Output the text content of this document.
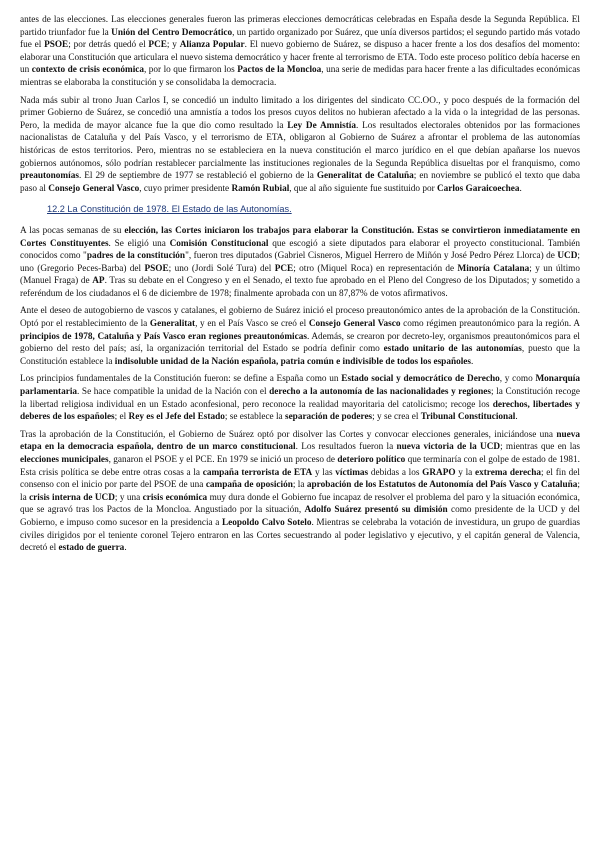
antes de las elecciones. Las elecciones generales fueron las primeras elecciones democráticas celebradas en España desde la Segunda República. El partido triunfador fue la Unión del Centro Democrático, un partido organizado por Suárez, que unía diversos partidos; el segundo partido más votado fue el PSOE; por detrás quedó el PCE; y Alianza Popular. El nuevo gobierno de Suárez, se dispuso a hacer frente a los dos desafíos del momento: elaborar una Constitución que articulara el nuevo sistema democrático y hacer frente al terrorismo de ETA. Todo este proceso político debía hacerse en un contexto de crisis económica, por lo que firmaron los Pactos de la Moncloa, una serie de medidas para hacer frente a las dificultades económicas mientras se elaboraba la constitución y se consolidaba la democracia.

Nada más subir al trono Juan Carlos I, se concedió un indulto limitado a los dirigentes del sindicato CC.OO., y poco después de la formación del primer Gobierno de Suárez, se concedió una amnistía a todos los presos cuyos delitos no hubieran afectado a la vida o la integridad de las personas. Pero, la medida de mayor alcance fue la que dio como resultado la Ley De Amnistía. Los resultados electorales obtenidos por las formaciones nacionalistas de Cataluña y del País Vasco, y el terrorismo de ETA, obligaron al Gobierno de Suárez a afrontar el problema de las autonomías históricas de estos territorios. Pero, mientras no se estableciera en la nueva constitución el marco jurídico en el que debían apañarse los nuevos gobiernos autónomos, sólo podrían restablecer parcialmente las instituciones regionales de la Segunda República disueltas por el franquismo, como preautonomías. El 29 de septiembre de 1977 se restableció el gobierno de la Generalitat de Cataluña; en noviembre se publicó el texto que daba paso al Consejo General Vasco, cuyo primer presidente Ramón Rubial, que al año siguiente fue sustituido por Carlos Garaicoechea.

12.2 La Constitución de 1978. El Estado de las Autonomías.

A las pocas semanas de su elección, las Cortes iniciaron los trabajos para elaborar la Constitución. Estas se convirtieron inmediatamente en Cortes Constituyentes. Se eligió una Comisión Constitucional que escogió a siete diputados para elaborar el proyecto constitucional. También conocidos como "padres de la constitución", fueron tres diputados (Gabriel Cisneros, Miguel Herrero de Miñón y José Pedro Pérez Llorca) de UCD; uno (Gregorio Peces-Barba) del PSOE; uno (Jordi Solé Tura) del PCE; otro (Miquel Roca) en representación de Minoría Catalana; y un último (Manuel Fraga) de AP. Tras su debate en el Congreso y en el Senado, el texto fue aprobado en el Pleno del Congreso de los Diputados; y sometido a referéndum de los ciudadanos el 6 de diciembre de 1978; finalmente aprobada con un 87,87% de votos afirmativos.

Ante el deseo de autogobierno de vascos y catalanes, el gobierno de Suárez inició el proceso preautonómico antes de la aprobación de la Constitución. Optó por el restablecimiento de la Generalitat, y en el País Vasco se creó el Consejo General Vasco como régimen preautonómico para la región. A principios de 1978, Cataluña y País Vasco eran regiones preautonómicas. Además, se crearon por decreto-ley, organismos preautonómicos para el gobierno del resto del país; así, la organización territorial del Estado se podría definir como estado unitario de las autonomías, puesto que la Constitución establece la indisoluble unidad de la Nación española, patria común e indivisible de todos los españoles.

Los principios fundamentales de la Constitución fueron: se define a España como un Estado social y democrático de Derecho, y como Monarquía parlamentaria. Se hace compatible la unidad de la Nación con el derecho a la autonomía de las nacionalidades y regiones; la Constitución recoge la libertad religiosa individual en un Estado aconfesional, pero reconoce la realidad mayoritaria del catolicismo; recoge los derechos, libertades y deberes de los españoles; el Rey es el Jefe del Estado; se establece la separación de poderes; y se crea el Tribunal Constitucional.

Tras la aprobación de la Constitución, el Gobierno de Suárez optó por disolver las Cortes y convocar elecciones generales, iniciándose una nueva etapa en la democracia española, dentro de un marco constitucional. Los resultados fueron la nueva victoria de la UCD; mientras que en las elecciones municipales, ganaron el PSOE y el PCE. En 1979 se inició un proceso de deterioro político que terminaría con el golpe de estado de 1981. Esta crisis política se debe entre otras cosas a la campaña terrorista de ETA y las víctimas debidas a los GRAPO y la extrema derecha; el fin del consenso con el inicio por parte del PSOE de una campaña de oposición; la aprobación de los Estatutos de Autonomía del País Vasco y Cataluña; la crisis interna de UCD; y una crisis económica muy dura donde el Gobierno fue incapaz de resolver el problema del paro y la situación económica, que se agravó tras los Pactos de la Moncloa. Angustiado por la situación, Adolfo Suárez presentó su dimisión como presidente de la UCD y del Gobierno, e impuso como sucesor en la presidencia a Leopoldo Calvo Sotelo. Mientras se celebraba la votación de investidura, un grupo de guardias civiles dirigidos por el teniente coronel Tejero entraron en las Cortes secuestrando al poder legislativo y ejecutivo, y el capitán general de Valencia, decretó el estado de guerra.
